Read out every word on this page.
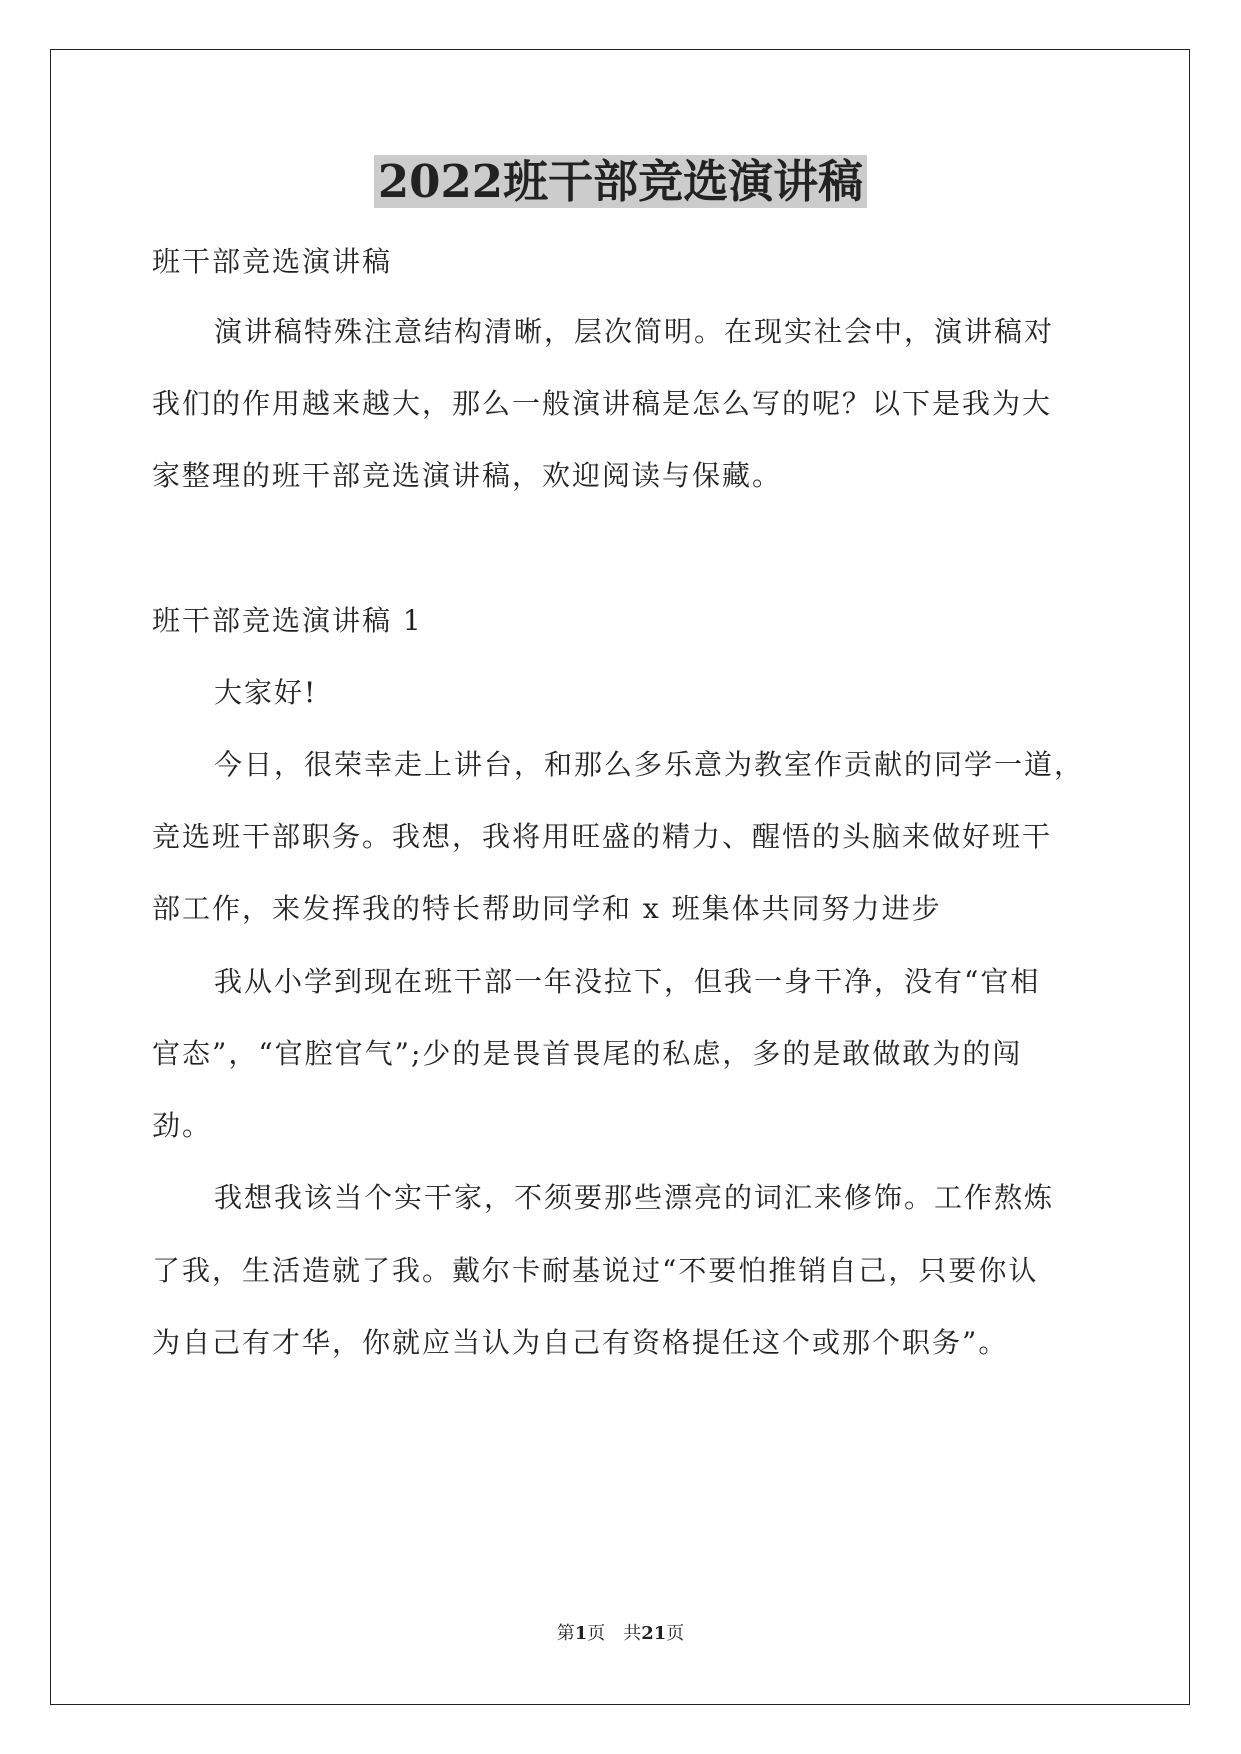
2022班干部竞选演讲稿
班干部竞选演讲稿
演讲稿特殊注意结构清晰，层次简明。在现实社会中，演讲稿对
我们的作用越来越大，那么一般演讲稿是怎么写的呢？以下是我为大
家整理的班干部竞选演讲稿，欢迎阅读与保藏。
班干部竞选演讲稿 1
大家好!
今日，很荣幸走上讲台，和那么多乐意为教室作贡献的同学一道，
竞选班干部职务。我想，我将用旺盛的精力、醒悟的头脑来做好班干
部工作，来发挥我的特长帮助同学和 x 班集体共同努力进步
我从小学到现在班干部一年没拉下，但我一身干净，没有“官相
官态”，“官腔官气”;少的是畏首畏尾的私虑，多的是敢做敢为的闯
劲。
我想我该当个实干家，不须要那些漂亮的词汇来修饰。工作熬炼
了我，生活造就了我。戴尔卡耐基说过“不要怕推销自己，只要你认
为自己有才华，你就应当认为自己有资格提任这个或那个职务”。
第1页　共21页
